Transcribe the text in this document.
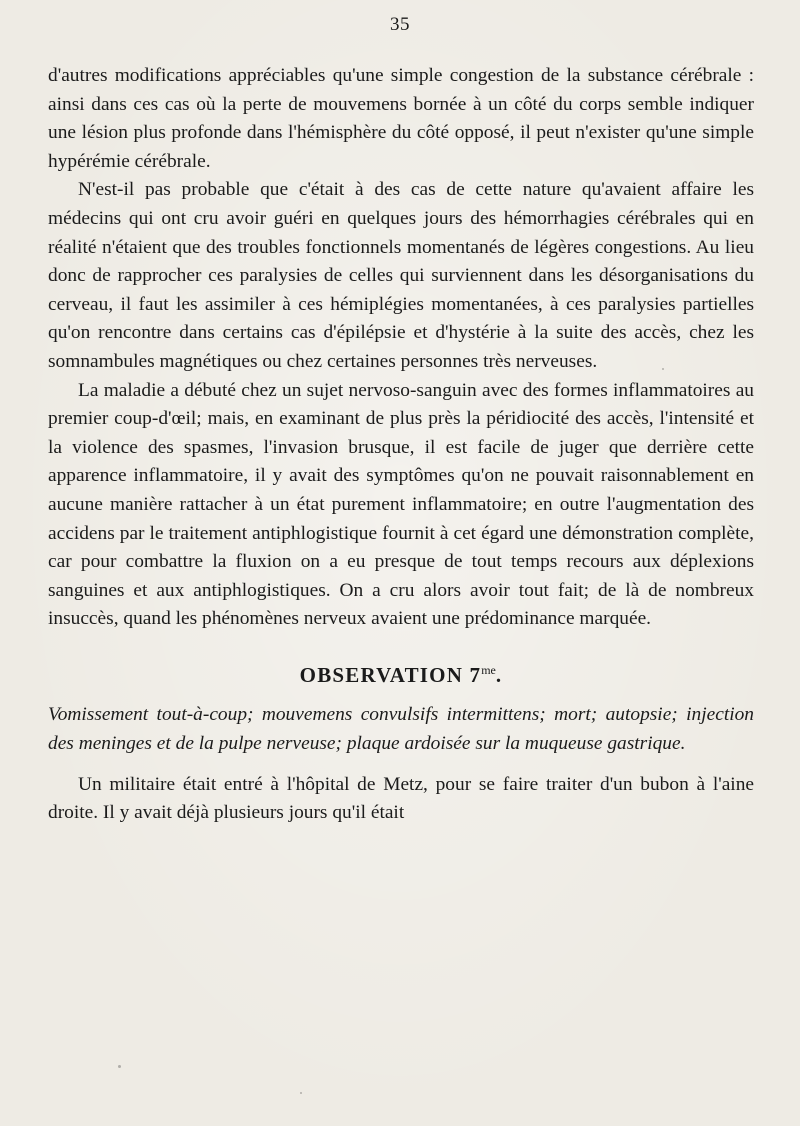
35

d'autres modifications appréciables qu'une simple congestion de la substance cérébrale : ainsi dans ces cas où la perte de mouvemens bornée à un côté du corps semble indiquer une lésion plus profonde dans l'hémisphère du côté opposé, il peut n'exister qu'une simple hypérémie cérébrale.

N'est-il pas probable que c'était à des cas de cette nature qu'avaient affaire les médecins qui ont cru avoir guéri en quelques jours des hémorrhagies cérébrales qui en réalité n'étaient que des troubles fonctionnels momentanés de légères congestions. Au lieu donc de rapprocher ces paralysies de celles qui surviennent dans les désorganisations du cerveau, il faut les assimiler à ces hémiplégies momentanées, à ces paralysies partielles qu'on rencontre dans certains cas d'épilépsie et d'hystérie à la suite des accès, chez les somnambules magnétiques ou chez certaines personnes très nerveuses.

La maladie a débuté chez un sujet nervoso-sanguin avec des formes inflammatoires au premier coup-d'œil; mais, en examinant de plus près la péridiocité des accès, l'intensité et la violence des spasmes, l'invasion brusque, il est facile de juger que derrière cette apparence inflammatoire, il y avait des symptômes qu'on ne pouvait raisonnablement en aucune manière rattacher à un état purement inflammatoire; en outre l'augmentation des accidens par le traitement antiphlogistique fournit à cet égard une démonstration complète, car pour combattre la fluxion on a eu presque de tout temps recours aux déplexions sanguines et aux antiphlogistiques. On a cru alors avoir tout fait; de là de nombreux insuccès, quand les phénomènes nerveux avaient une prédominance marquée.

OBSERVATION $7^{me}$.

Vomissement tout-à-coup; mouvemens convulsifs intermittens; mort; autopsie; injection des meninges et de la pulpe nerveuse; plaque ardoisée sur la muqueuse gastrique.

Un militaire était entré à l'hôpital de Metz, pour se faire traiter d'un bubon à l'aine droite. Il y avait déjà plusieurs jours qu'il était
